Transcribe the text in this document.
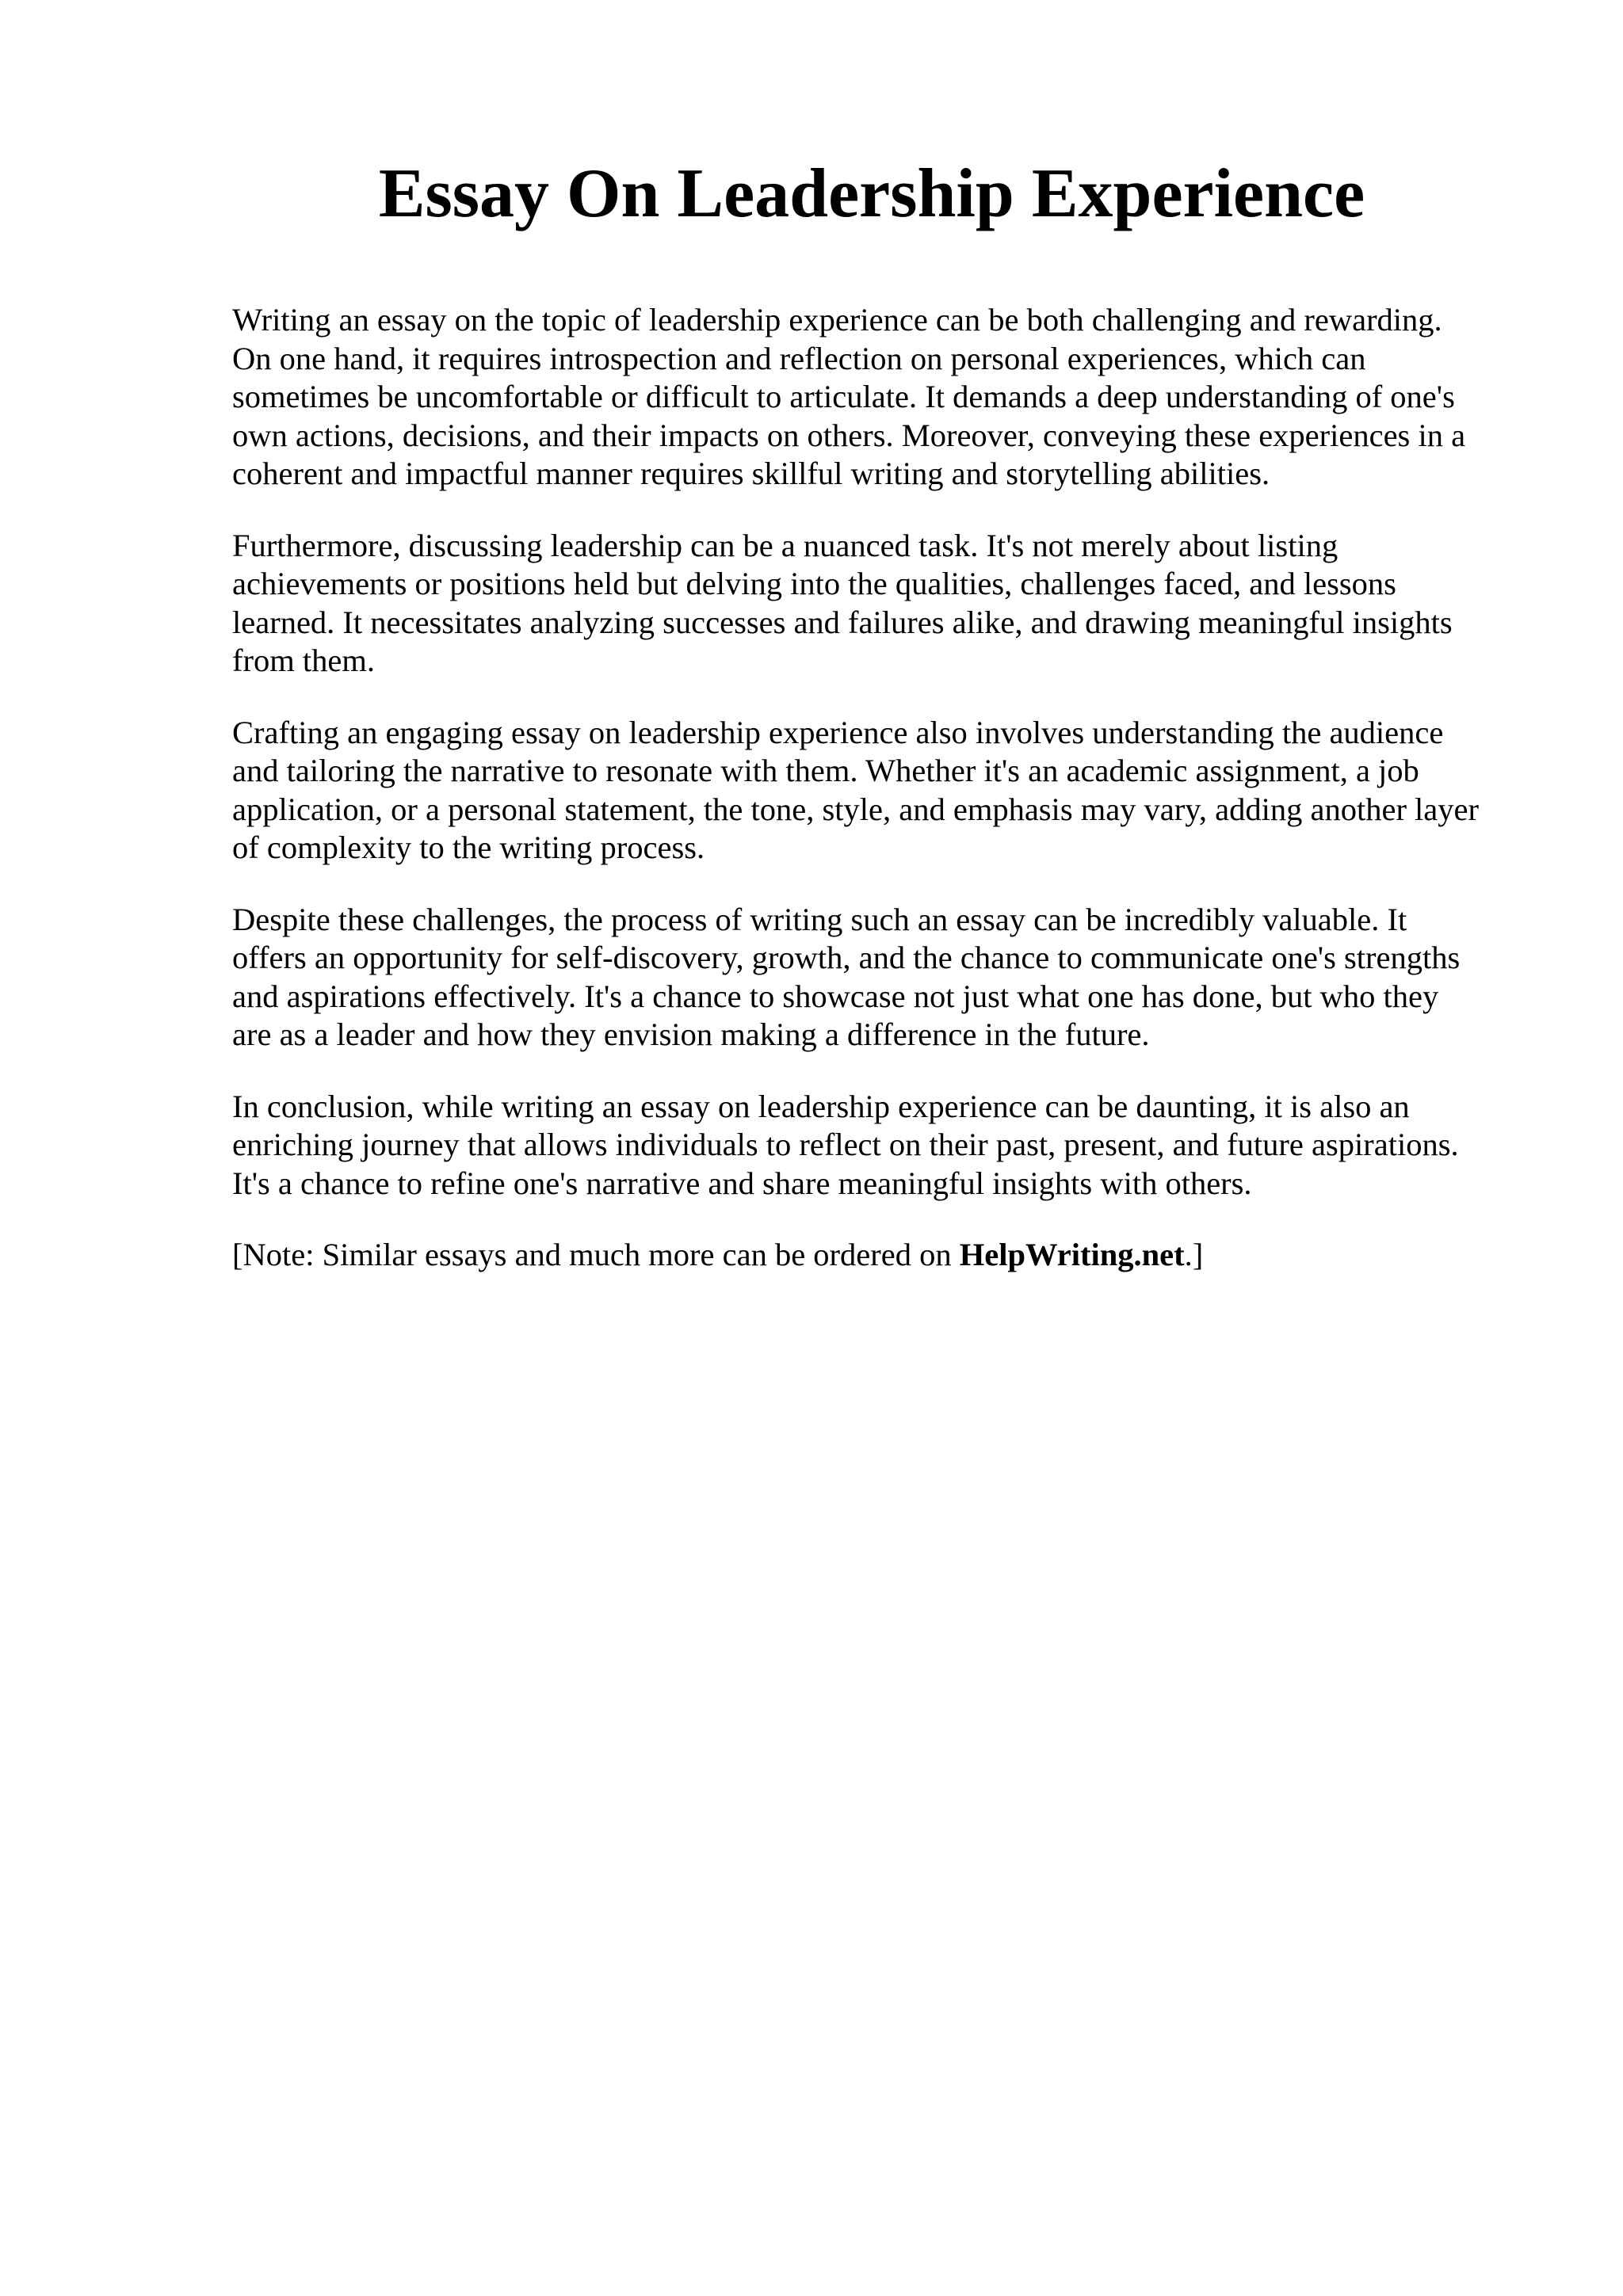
Essay On Leadership Experience

Writing an essay on the topic of leadership experience can be both challenging and rewarding.
On one hand, it requires introspection and reflection on personal experiences, which can
sometimes be uncomfortable or difficult to articulate. It demands a deep understanding of one's
own actions, decisions, and their impacts on others. Moreover, conveying these experiences in a
coherent and impactful manner requires skillful writing and storytelling abilities.

Furthermore, discussing leadership can be a nuanced task. It's not merely about listing
achievements or positions held but delving into the qualities, challenges faced, and lessons
learned. It necessitates analyzing successes and failures alike, and drawing meaningful insights
from them.

Crafting an engaging essay on leadership experience also involves understanding the audience
and tailoring the narrative to resonate with them. Whether it's an academic assignment, a job
application, or a personal statement, the tone, style, and emphasis may vary, adding another layer
of complexity to the writing process.

Despite these challenges, the process of writing such an essay can be incredibly valuable. It
offers an opportunity for self-discovery, growth, and the chance to communicate one's strengths
and aspirations effectively. It's a chance to showcase not just what one has done, but who they
are as a leader and how they envision making a difference in the future.

In conclusion, while writing an essay on leadership experience can be daunting, it is also an
enriching journey that allows individuals to reflect on their past, present, and future aspirations.
It's a chance to refine one's narrative and share meaningful insights with others.

[Note: Similar essays and much more can be ordered on HelpWriting.net.]
